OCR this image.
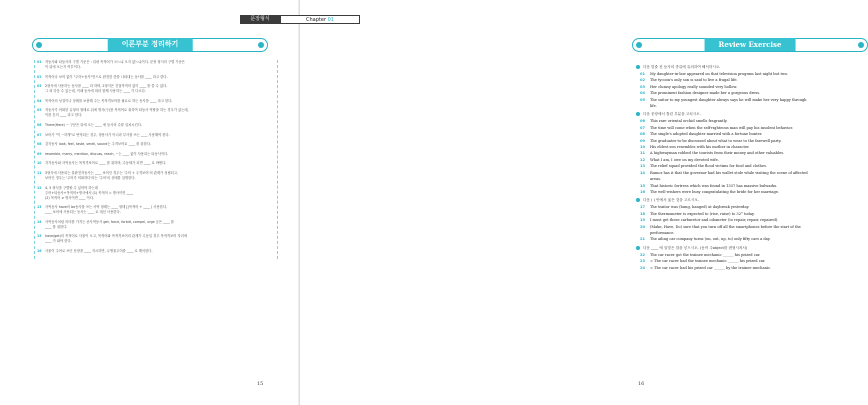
이론부분 정리하기
01	자동사와 타동사의 구별 기준은 : 뒤에 목적어가 오느냐 오지 않느냐이다. 문장 형식의 구별 기준은
이 뒤에 오는지 여부이다.
02	목적어나 보어 없이 "주어+동사"만으로 완전한 뜻을 나타내는 동사를 ____ 라고 한다.
03	2형식에 사용하는 동사를 ____ 라 하며, 2형식은 간접목적어 없이 ____ 를 쓸 수 없다.
그 외 다음 수 있는데, 이때 동사에 따라 함께 사용하는 ____ 가 다르다.
04	목적어의 성질이나 상태를 보충해 주는 목적격보어를 필요로 하는 동사를 ____ 라고 한다.
05	자동사가 어떠한 유형의 형태로 뒤에 명사(구)를 목적어로 취하여 타동사 역할을 하는 경우가 있는데,
이를 흔히 ____ 라고 한다.
06	There(Here) ~ 구문은 뒤에 오는 ____ 에 동사의 수를 일치시킨다.
07	보어가 "이 ~하게"로 번역되는 경우, 형용사가 아니라 부사를 쓰는 ____ 사용해야 한다.
08	감각동사 look, feel, taste, smell, sound는 주격보어로 ____ 를 취한다.
09	resemble, marry, mention, discuss, reach, ~는 ____ 없이 사용되는 타동사이다.
10	지각동사와 사역동사는 목적격보어로 ____ 를 취하며, 수동태가 되면 ____ 로 바뀐다.
11	3형식에 사용되는 불완전자동사는 ____ 보어인 경우는 '주어 + 주격보어'의 관계가 성립되고,
보어인 경우는 '주어가 어떠하다'라는 '주어'의 상태를 설명한다.
12	4, 5 형식을 구별할 수 있어야 하는데
주어+타동사+목적어+명사에서 (1) 목적어 = 명사이면 ____
(2) 목적어 ≠ 명사이면 ____ 이다.
13	사역동사 have의 be동사를 쓰는 사역 형태는 ____ 형태 [(목적어 + ____ ) 사용한다.
____ 보어에 사용되는 동사는 ____ 로 대신 사용한다.
14	사역동사처럼 의미를 가지는 준사역동사 get, force, forbid, compel, urge 등은 ____ 를
____ 를 취한다.
15	have/get(의 목적어로 사물이 오고, 목적어와 목적격보어의 관계가 수동일 경우 목적격보어 자리에
____ 가 와야 한다.
16	사물이 주어로 쓰인 문장을 ____ 지시하면, 무생물주어를 ____ 로 해석한다.
15
Review Exercise
다음 밑줄 친 동사의 종류에 유의하여 해석하시오.
01	My daughter-in-law appeared on that television program last night but two.
02	The tycoon's only son is said to live a frugal life.
03	Her clumsy apology really sounded very hollow.
04	The prominent fashion designer made her a gorgeous dress.
05	The suitor to my youngest daughter always says he will make her very happy through
life.
다음 문장에서 틀린 부분을 고치시오.
06	This rare oriental orchid smells fragrantly.
07	The time will come when the self-righteous man will pay his insolent behavior.
08	The single's adopted daughter married with a fortune hunter.
09	The graduates-to-be discussed about what to wear to the farewell party.
10	His eldest son resembles with his mother in character.
11	A highwayman robbed the tourists from their money and other valuables.
12	What I am, I owe on my devoted wife.
13	The relief squad provided the flood victims for food and clothes.
14	Rumor has it that the governor had his wallet stole while visiting the scene of affected
areas.
15	That historic fortress which was found in 1337 has massive bulwarks.
16	The well-wishers were busy congratulating the bride for her marriage.
다음 ( ) 안에서 옳은 것을 고르시오.
17	The traitor was (hung, hanged) at daybreak yesterday.
18	The thermometer is expected to (rise, raise) to 32° today.
19	I must get these carburetor and odometer (to repair, repair, repaired).
20	(Make, Have, Do) sure that you turn off all the smartphones before the start of the
performance.
21	The ailing car company turns (on, out, up, to) only fifty cars a day.
다음 ____ 에 알맞은 말을 넣으시오. (동작 주object를 변형시켜서)
22	The car racer got the trainee mechanic ______ his prized car.
23	= The car racer had the trainee mechanic ______ his prized car.
24	= The car racer had his prized car ______ by the trainee mechanic.
16
문장형식	Chapter 01
